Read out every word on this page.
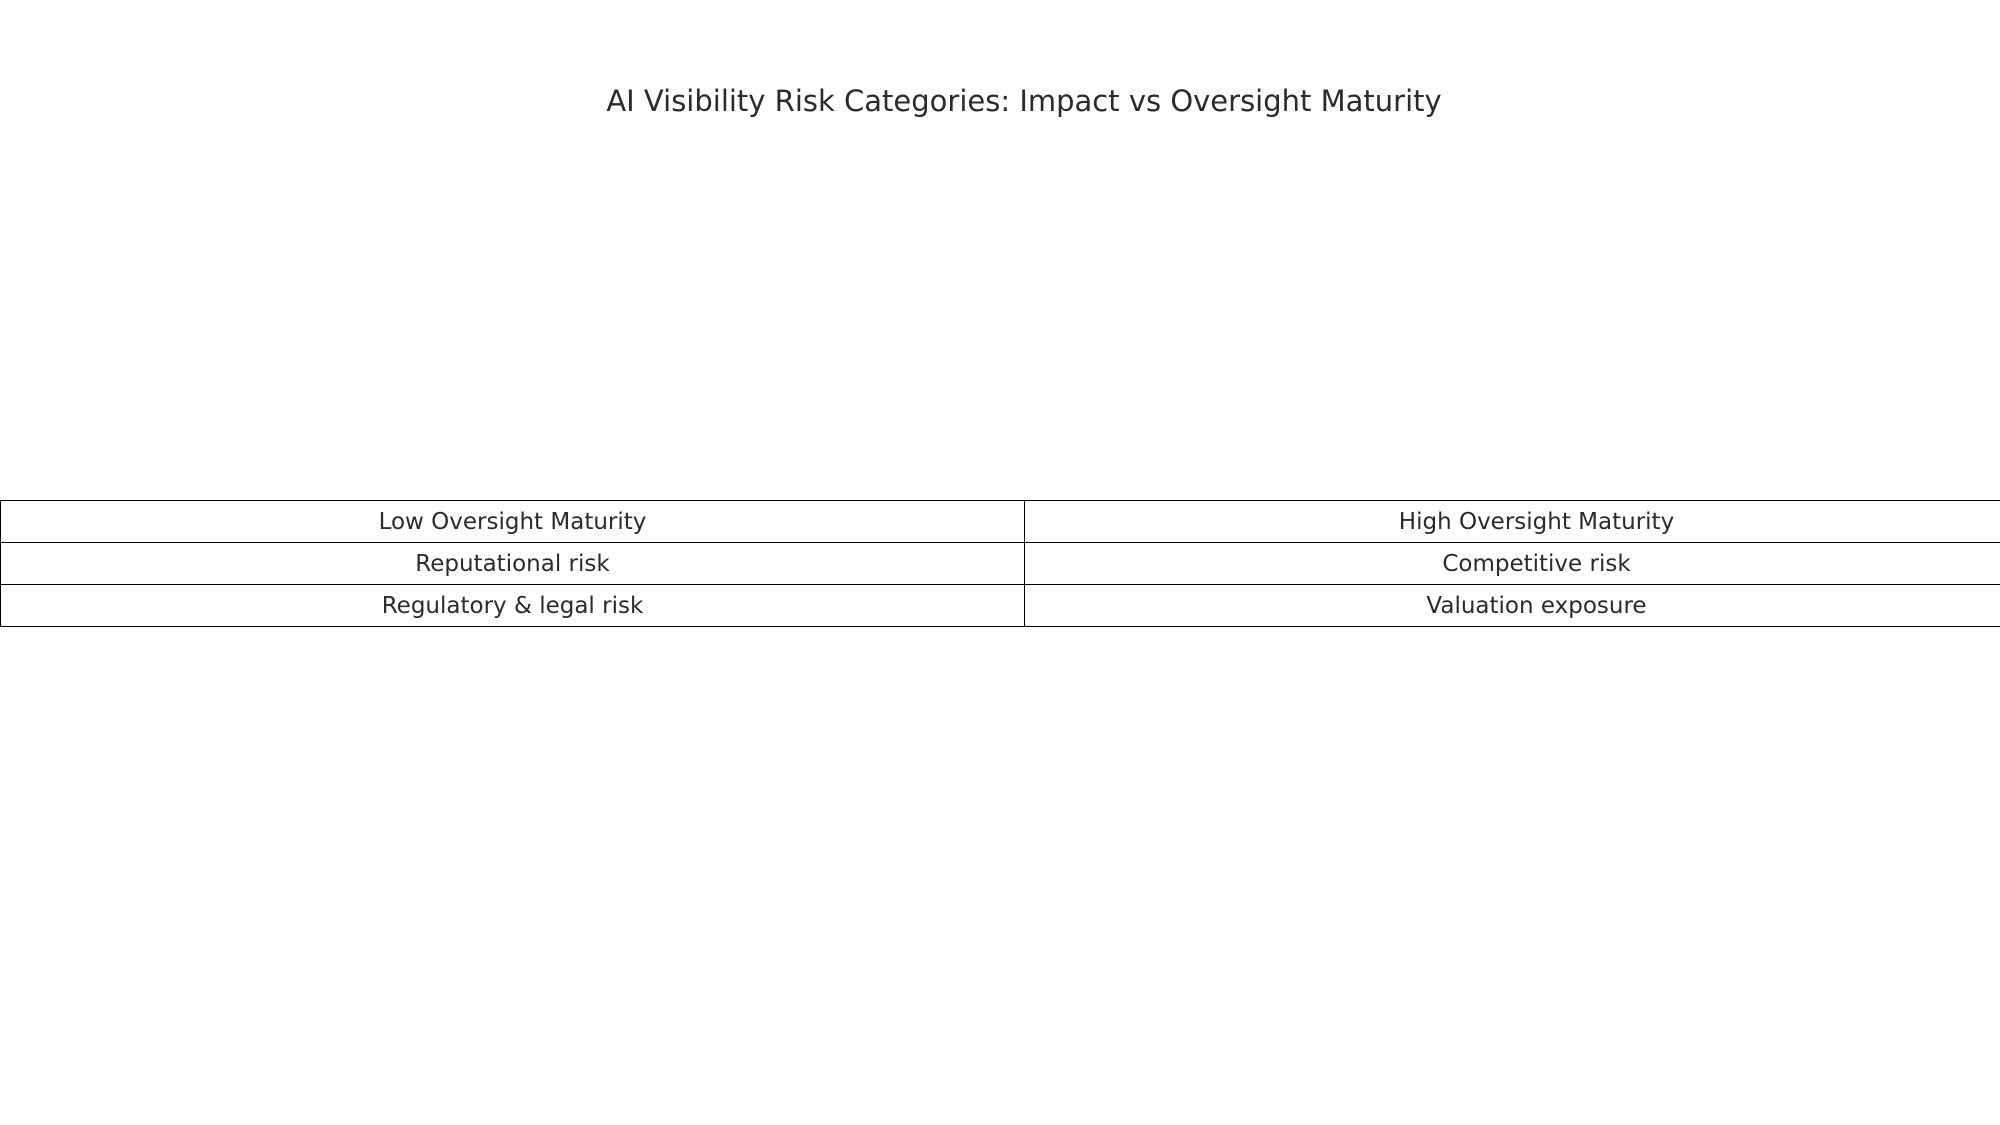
AI Visibility Risk Categories: Impact vs Oversight Maturity
Low Oversight Maturity	High Oversight Maturity
Reputational risk	Competitive risk
Regulatory & legal risk	Valuation exposure
